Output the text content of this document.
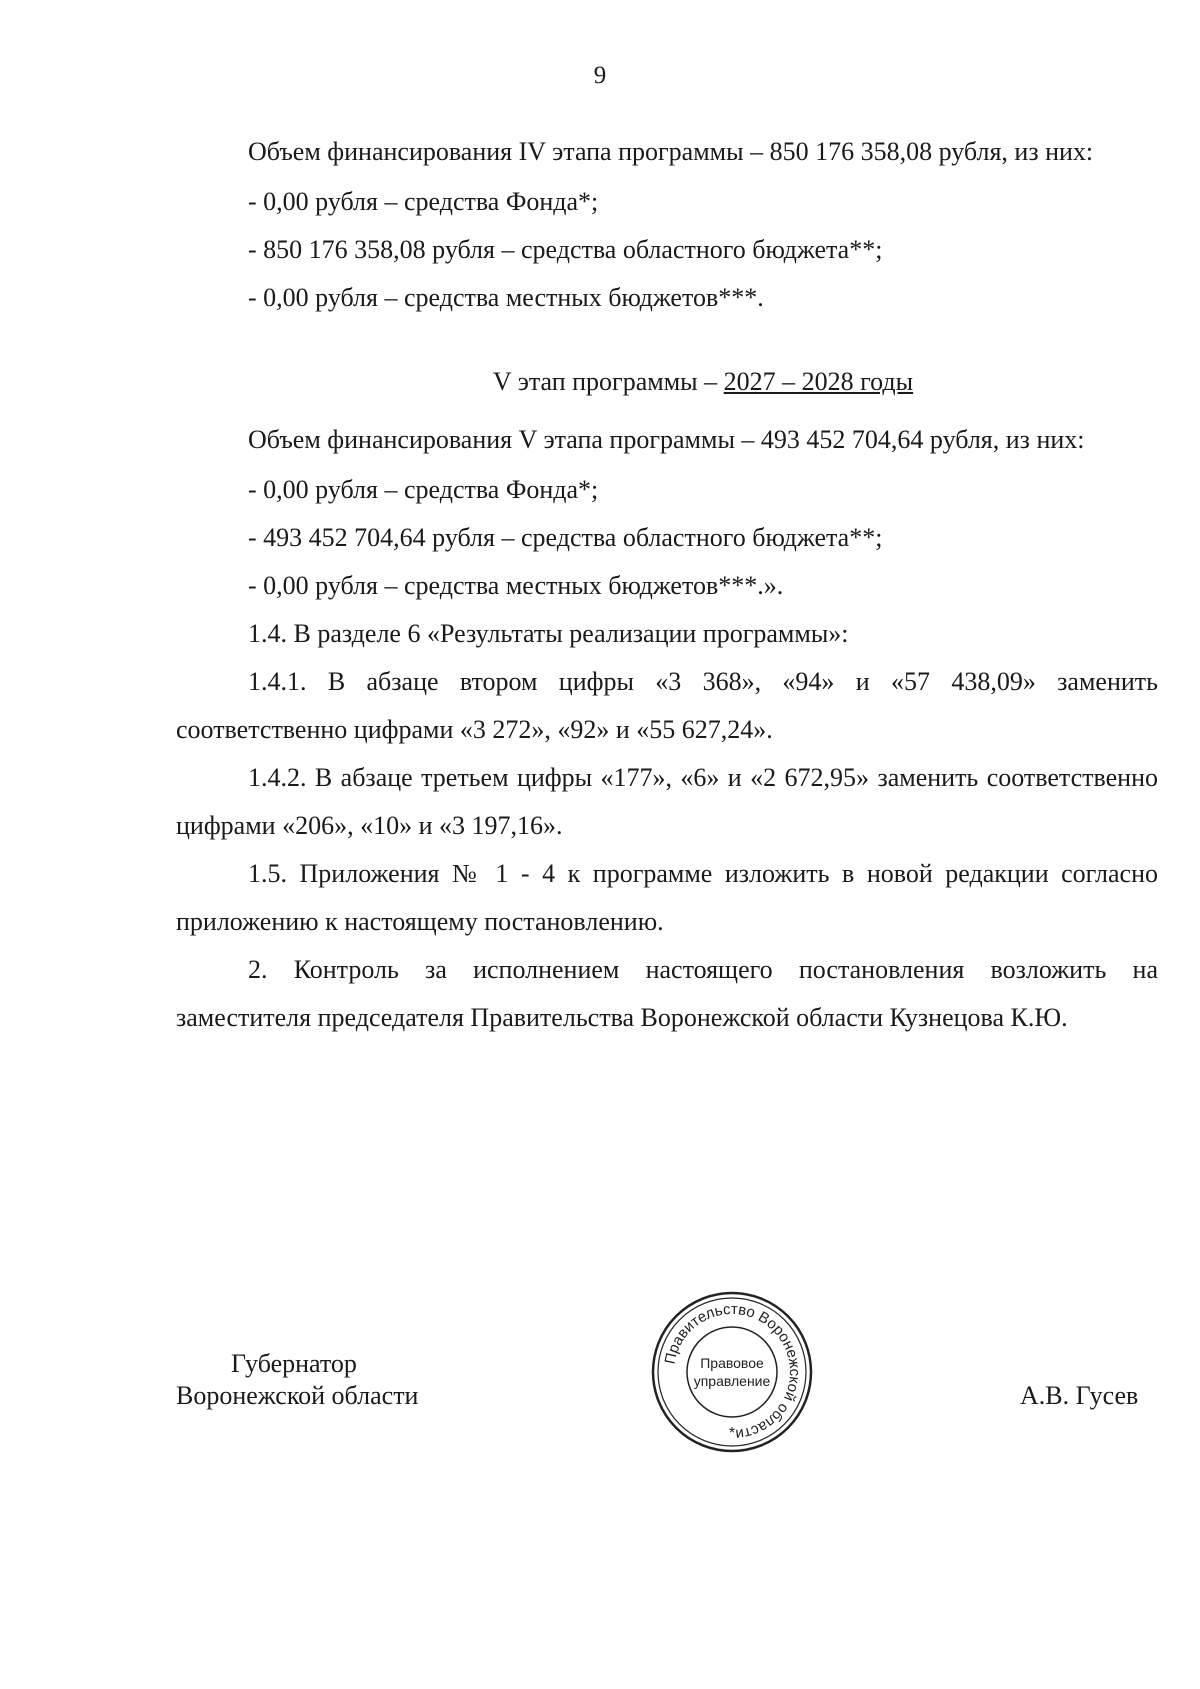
9

Объем финансирования IV этапа программы – 850 176 358,08 рубля, из них:

- 0,00 рубля – средства Фонда*;

- 850 176 358,08 рубля – средства областного бюджета**;

- 0,00 рубля – средства местных бюджетов***.

V этап программы – 2027 – 2028 годы

Объем финансирования V этапа программы – 493 452 704,64 рубля, из них:

- 0,00 рубля – средства Фонда*;

- 493 452 704,64 рубля – средства областного бюджета**;

- 0,00 рубля – средства местных бюджетов***.».

1.4. В разделе 6 «Результаты реализации программы»:

1.4.1. В абзаце втором цифры «3 368», «94» и «57 438,09» заменить соответственно цифрами «3 272», «92» и «55 627,24».

1.4.2. В абзаце третьем цифры «177», «6» и «2 672,95» заменить соответственно цифрами «206», «10» и «3 197,16».

1.5. Приложения № 1 - 4 к программе изложить в новой редакции согласно приложению к настоящему постановлению.

2. Контроль за исполнением настоящего постановления возложить на заместителя председателя Правительства Воронежской области Кузнецова К.Ю.

Губернатор
Воронежской области	А.В. Гусев
Правительство Воронежской области
*
Правовое
управление
